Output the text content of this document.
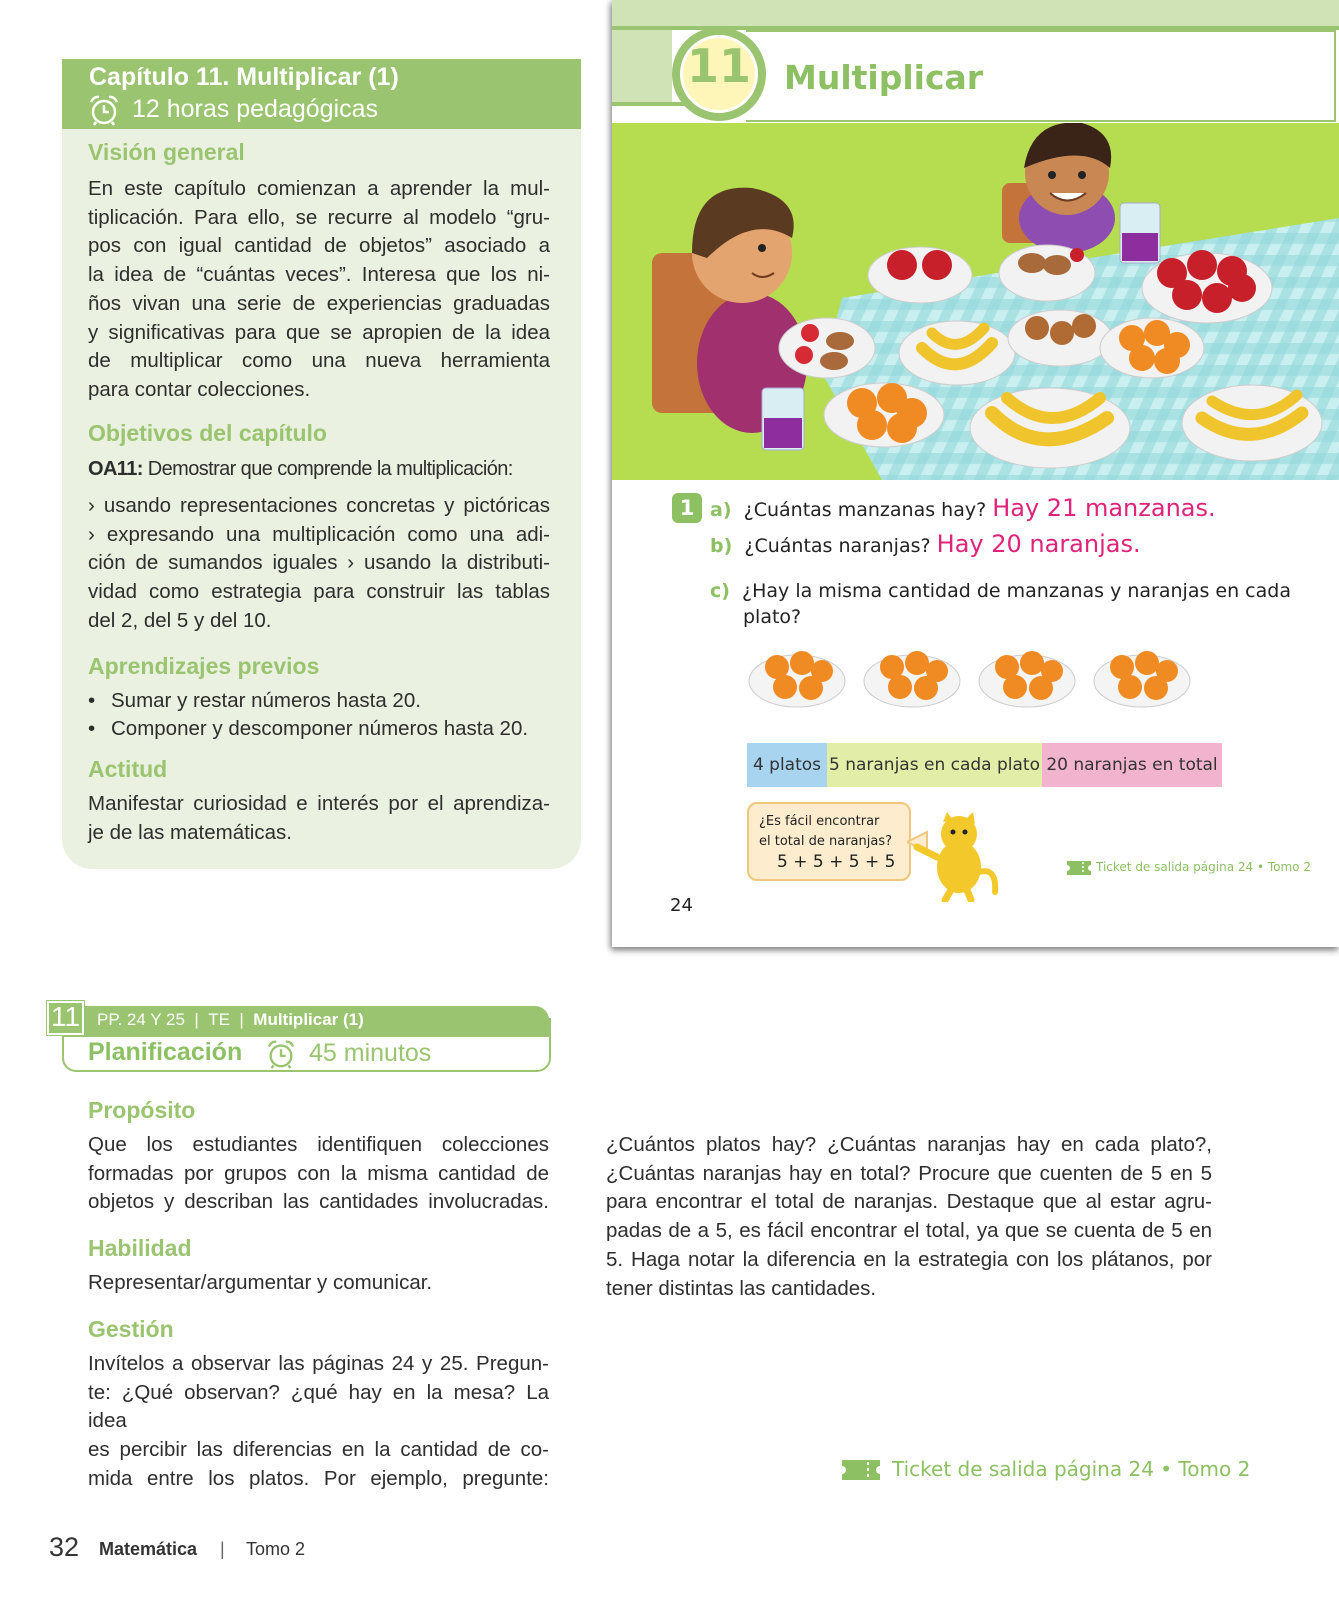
Capítulo 11. Multiplicar (1)
12 horas pedagógicas
Visión general
En este capítulo comienzan a aprender la mul-
tiplicación. Para ello, se recurre al modelo “gru-
pos con igual cantidad de objetos” asociado a
la idea de “cuántas veces”. Interesa que los ni-
ños vivan una serie de experiencias graduadas
y significativas para que se apropien de la idea
de multiplicar como una nueva herramienta
para contar colecciones.
Objetivos del capítulo
OA11: Demostrar que comprende la multiplicación:
› usando representaciones concretas y pictóricas
› expresando una multiplicación como una adi-
ción de sumandos iguales › usando la distributi-
vidad como estrategia para construir las tablas
del 2, del 5 y del 10.
Aprendizajes previos
• Sumar y restar números hasta 20.
• Componer y descomponer números hasta 20.
Actitud
Manifestar curiosidad e interés por el aprendiza-
je de las matemáticas.
11	Multiplicar
1 a) ¿Cuántas manzanas hay? Hay 21 manzanas.
b) ¿Cuántas naranjas? Hay 20 naranjas.
c) ¿Hay la misma cantidad de manzanas y naranjas en cada
plato?
4 platos 5 naranjas en cada plato 20 naranjas en total
¿Es fácil encontrar
el total de naranjas?
5 + 5 + 5 + 5	Ticket de salida página 24 • Tomo 2
24
PP. 24 Y 25  |  TE  |  Multiplicar (1)
11
Planificación	45 minutos
Propósito
Que los estudiantes identifiquen colecciones
formadas por grupos con la misma cantidad de
objetos y describan las cantidades involucradas.
Habilidad
Representar/argumentar y comunicar.
Gestión
Invítelos a observar las páginas 24 y 25. Pregun-
te: ¿Qué observan? ¿qué hay en la mesa? La idea
es percibir las diferencias en la cantidad de co-
mida entre los platos. Por ejemplo, pregunte:
¿Cuántos platos hay? ¿Cuántas naranjas hay en cada plato?,
¿Cuántas naranjas hay en total? Procure que cuenten de 5 en 5
para encontrar el total de naranjas. Destaque que al estar agru-
padas de a 5, es fácil encontrar el total, ya que se cuenta de 5 en
5. Haga notar la diferencia en la estrategia con los plátanos, por
tener distintas las cantidades.
Ticket de salida página 24 • Tomo 2
32 Matemática | Tomo 2
